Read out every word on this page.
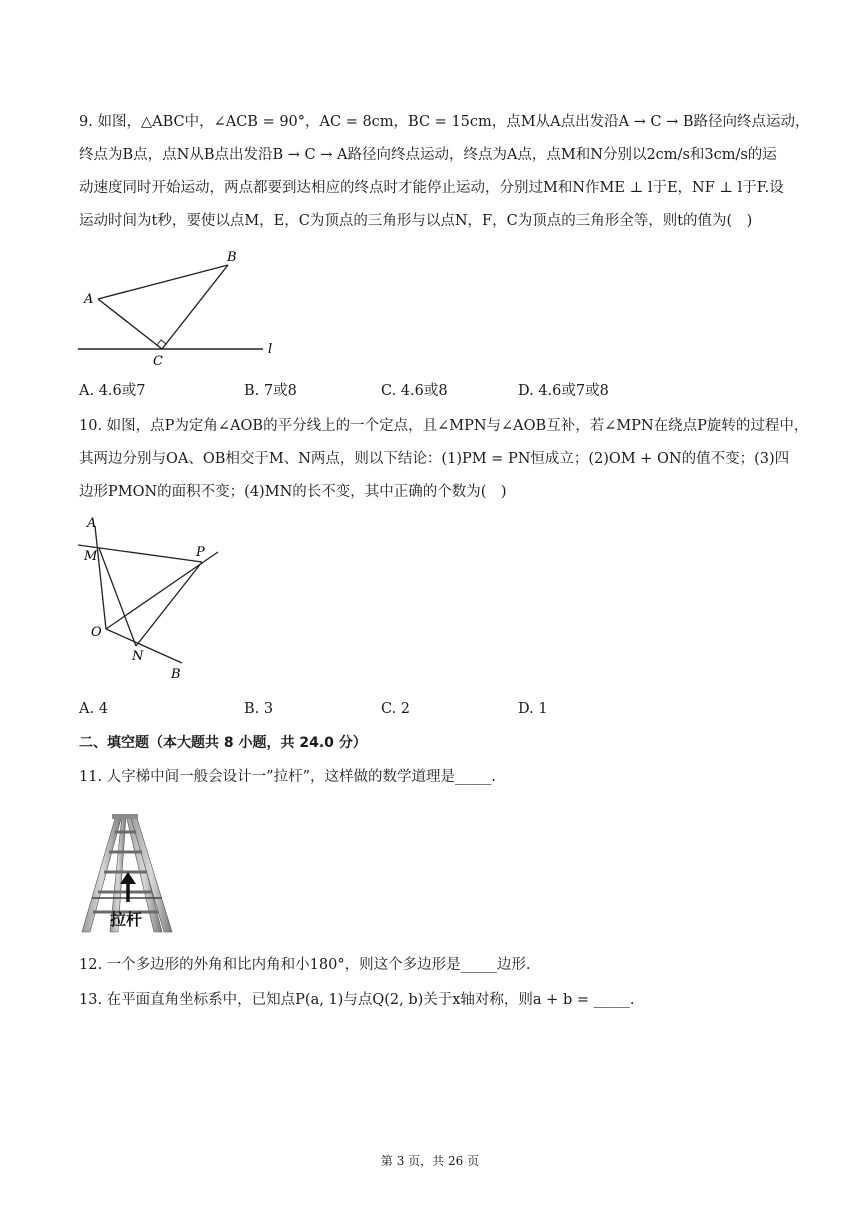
9. 如图，△ABC中，∠ACB = 90°，AC = 8cm，BC = 15cm，点M从A点出发沿A → C → B路径向终点运动，
终点为B点，点N从B点出发沿B → C → A路径向终点运动，终点为A点，点M和N分别以2cm/s和3cm/s的运
动速度同时开始运动，两点都要到达相应的终点时才能停止运动，分别过M和N作ME ⊥ l于E，NF ⊥ l于F.设
运动时间为t秒，要使以点M，E，C为顶点的三角形与以点N，F，C为顶点的三角形全等，则t的值为(　)
A
B
C
l
A. 4.6或7	B. 7或8	C. 4.6或8	D. 4.6或7或8
10. 如图，点P为定角∠AOB的平分线上的一个定点，且∠MPN与∠AOB互补，若∠MPN在绕点P旋转的过程中，
其两边分别与OA、OB相交于M、N两点，则以下结论：(1)PM = PN恒成立；(2)OM + ON的值不变；(3)四
边形PMON的面积不变；(4)MN的长不变，其中正确的个数为(　)
A
M	P
O
N
B
A. 4	B. 3	C. 2	D. 1
二、填空题（本大题共 8 小题，共 24.0 分）
11. 人字梯中间一般会设计一”拉杆”，这样做的数学道理是_____.
拉杆
12. 一个多边形的外角和比内角和小180°，则这个多边形是_____边形.
13. 在平面直角坐标系中，已知点P(a, 1)与点Q(2, b)关于x轴对称，则a + b = _____.
第 3 页，共 26 页
